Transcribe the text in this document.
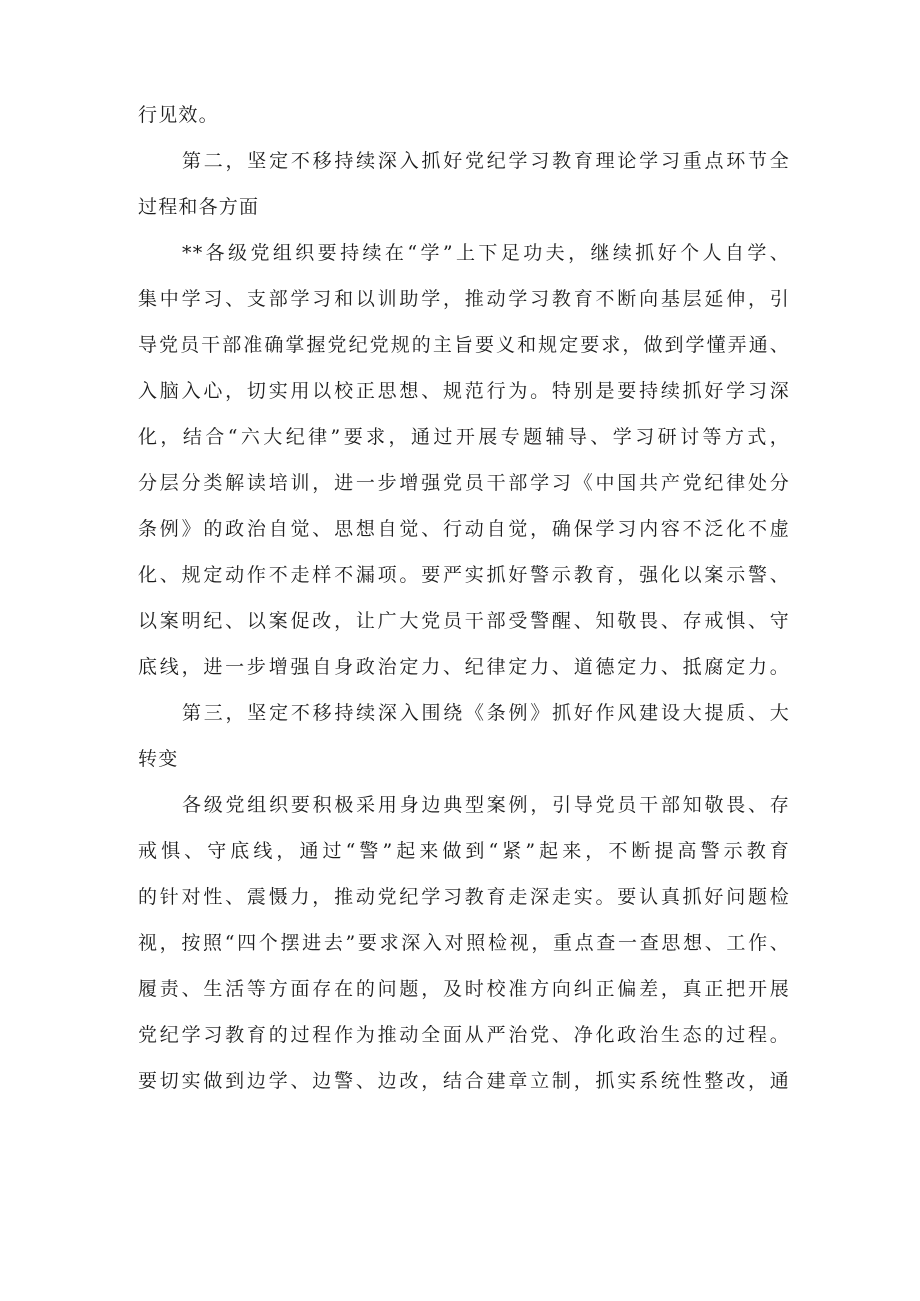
行见效。
第二，坚定不移持续深入抓好党纪学习教育理论学习重点环节全
过程和各方面
**各级党组织要持续在“学”上下足功夫，继续抓好个人自学、
集中学习、支部学习和以训助学，推动学习教育不断向基层延伸，引
导党员干部准确掌握党纪党规的主旨要义和规定要求，做到学懂弄通、
入脑入心，切实用以校正思想、规范行为。特别是要持续抓好学习深
化，结合“六大纪律”要求，通过开展专题辅导、学习研讨等方式，
分层分类解读培训，进一步增强党员干部学习《中国共产党纪律处分
条例》的政治自觉、思想自觉、行动自觉，确保学习内容不泛化不虚
化、规定动作不走样不漏项。要严实抓好警示教育，强化以案示警、
以案明纪、以案促改，让广大党员干部受警醒、知敬畏、存戒惧、守
底线，进一步增强自身政治定力、纪律定力、道德定力、抵腐定力。
第三，坚定不移持续深入围绕《条例》抓好作风建设大提质、大
转变
各级党组织要积极采用身边典型案例，引导党员干部知敬畏、存
戒惧、守底线，通过“警”起来做到“紧”起来，不断提高警示教育
的针对性、震慑力，推动党纪学习教育走深走实。要认真抓好问题检
视，按照“四个摆进去”要求深入对照检视，重点查一查思想、工作、
履责、生活等方面存在的问题，及时校准方向纠正偏差，真正把开展
党纪学习教育的过程作为推动全面从严治党、净化政治生态的过程。
要切实做到边学、边警、边改，结合建章立制，抓实系统性整改，通
